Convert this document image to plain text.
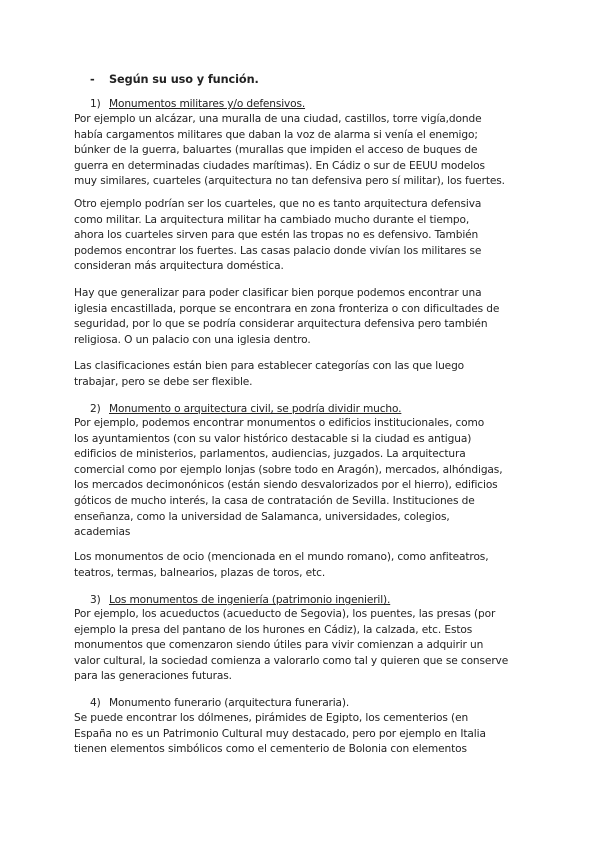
- Según su uso y función.
1) Monumentos militares y/o defensivos.

Por ejemplo un alcázar, una muralla de una ciudad, castillos, torre vigía,donde
había cargamentos militares que daban la voz de alarma si venía el enemigo;
búnker de la guerra, baluartes (murallas que impiden el acceso de buques de
guerra en determinadas ciudades marítimas). En Cádiz o sur de EEUU modelos
muy similares, cuarteles (arquitectura no tan defensiva pero sí militar), los fuertes.

Otro ejemplo podrían ser los cuarteles, que no es tanto arquitectura defensiva
como militar. La arquitectura militar ha cambiado mucho durante el tiempo,
ahora los cuarteles sirven para que estén las tropas no es defensivo. También
podemos encontrar los fuertes. Las casas palacio donde vivían los militares se
consideran más arquitectura doméstica.

Hay que generalizar para poder clasificar bien porque podemos encontrar una
iglesia encastillada, porque se encontrara en zona fronteriza o con dificultades de
seguridad, por lo que se podría considerar arquitectura defensiva pero también
religiosa. O un palacio con una iglesia dentro.

Las clasificaciones están bien para establecer categorías con las que luego
trabajar, pero se debe ser flexible.

2) Monumento o arquitectura civil, se podría dividir mucho.

Por ejemplo, podemos encontrar monumentos o edificios institucionales, como
los ayuntamientos (con su valor histórico destacable si la ciudad es antigua)
edificios de ministerios, parlamentos, audiencias, juzgados. La arquitectura
comercial como por ejemplo lonjas (sobre todo en Aragón), mercados, alhóndigas,
los mercados decimonónicos (están siendo desvalorizados por el hierro), edificios
góticos de mucho interés, la casa de contratación de Sevilla. Instituciones de
enseñanza, como la universidad de Salamanca, universidades, colegios,
academias

Los monumentos de ocio (mencionada en el mundo romano), como anfiteatros,
teatros, termas, balnearios, plazas de toros, etc.

3) Los monumentos de ingeniería (patrimonio ingenieril).

Por ejemplo, los acueductos (acueducto de Segovia), los puentes, las presas (por
ejemplo la presa del pantano de los hurones en Cádiz), la calzada, etc. Estos
monumentos que comenzaron siendo útiles para vivir comienzan a adquirir un
valor cultural, la sociedad comienza a valorarlo como tal y quieren que se conserve
para las generaciones futuras.

4) Monumento funerario (arquitectura funeraria).

Se puede encontrar los dólmenes, pirámides de Egipto, los cementerios (en
España no es un Patrimonio Cultural muy destacado, pero por ejemplo en Italia
tienen elementos simbólicos como el cementerio de Bolonia con elementos
